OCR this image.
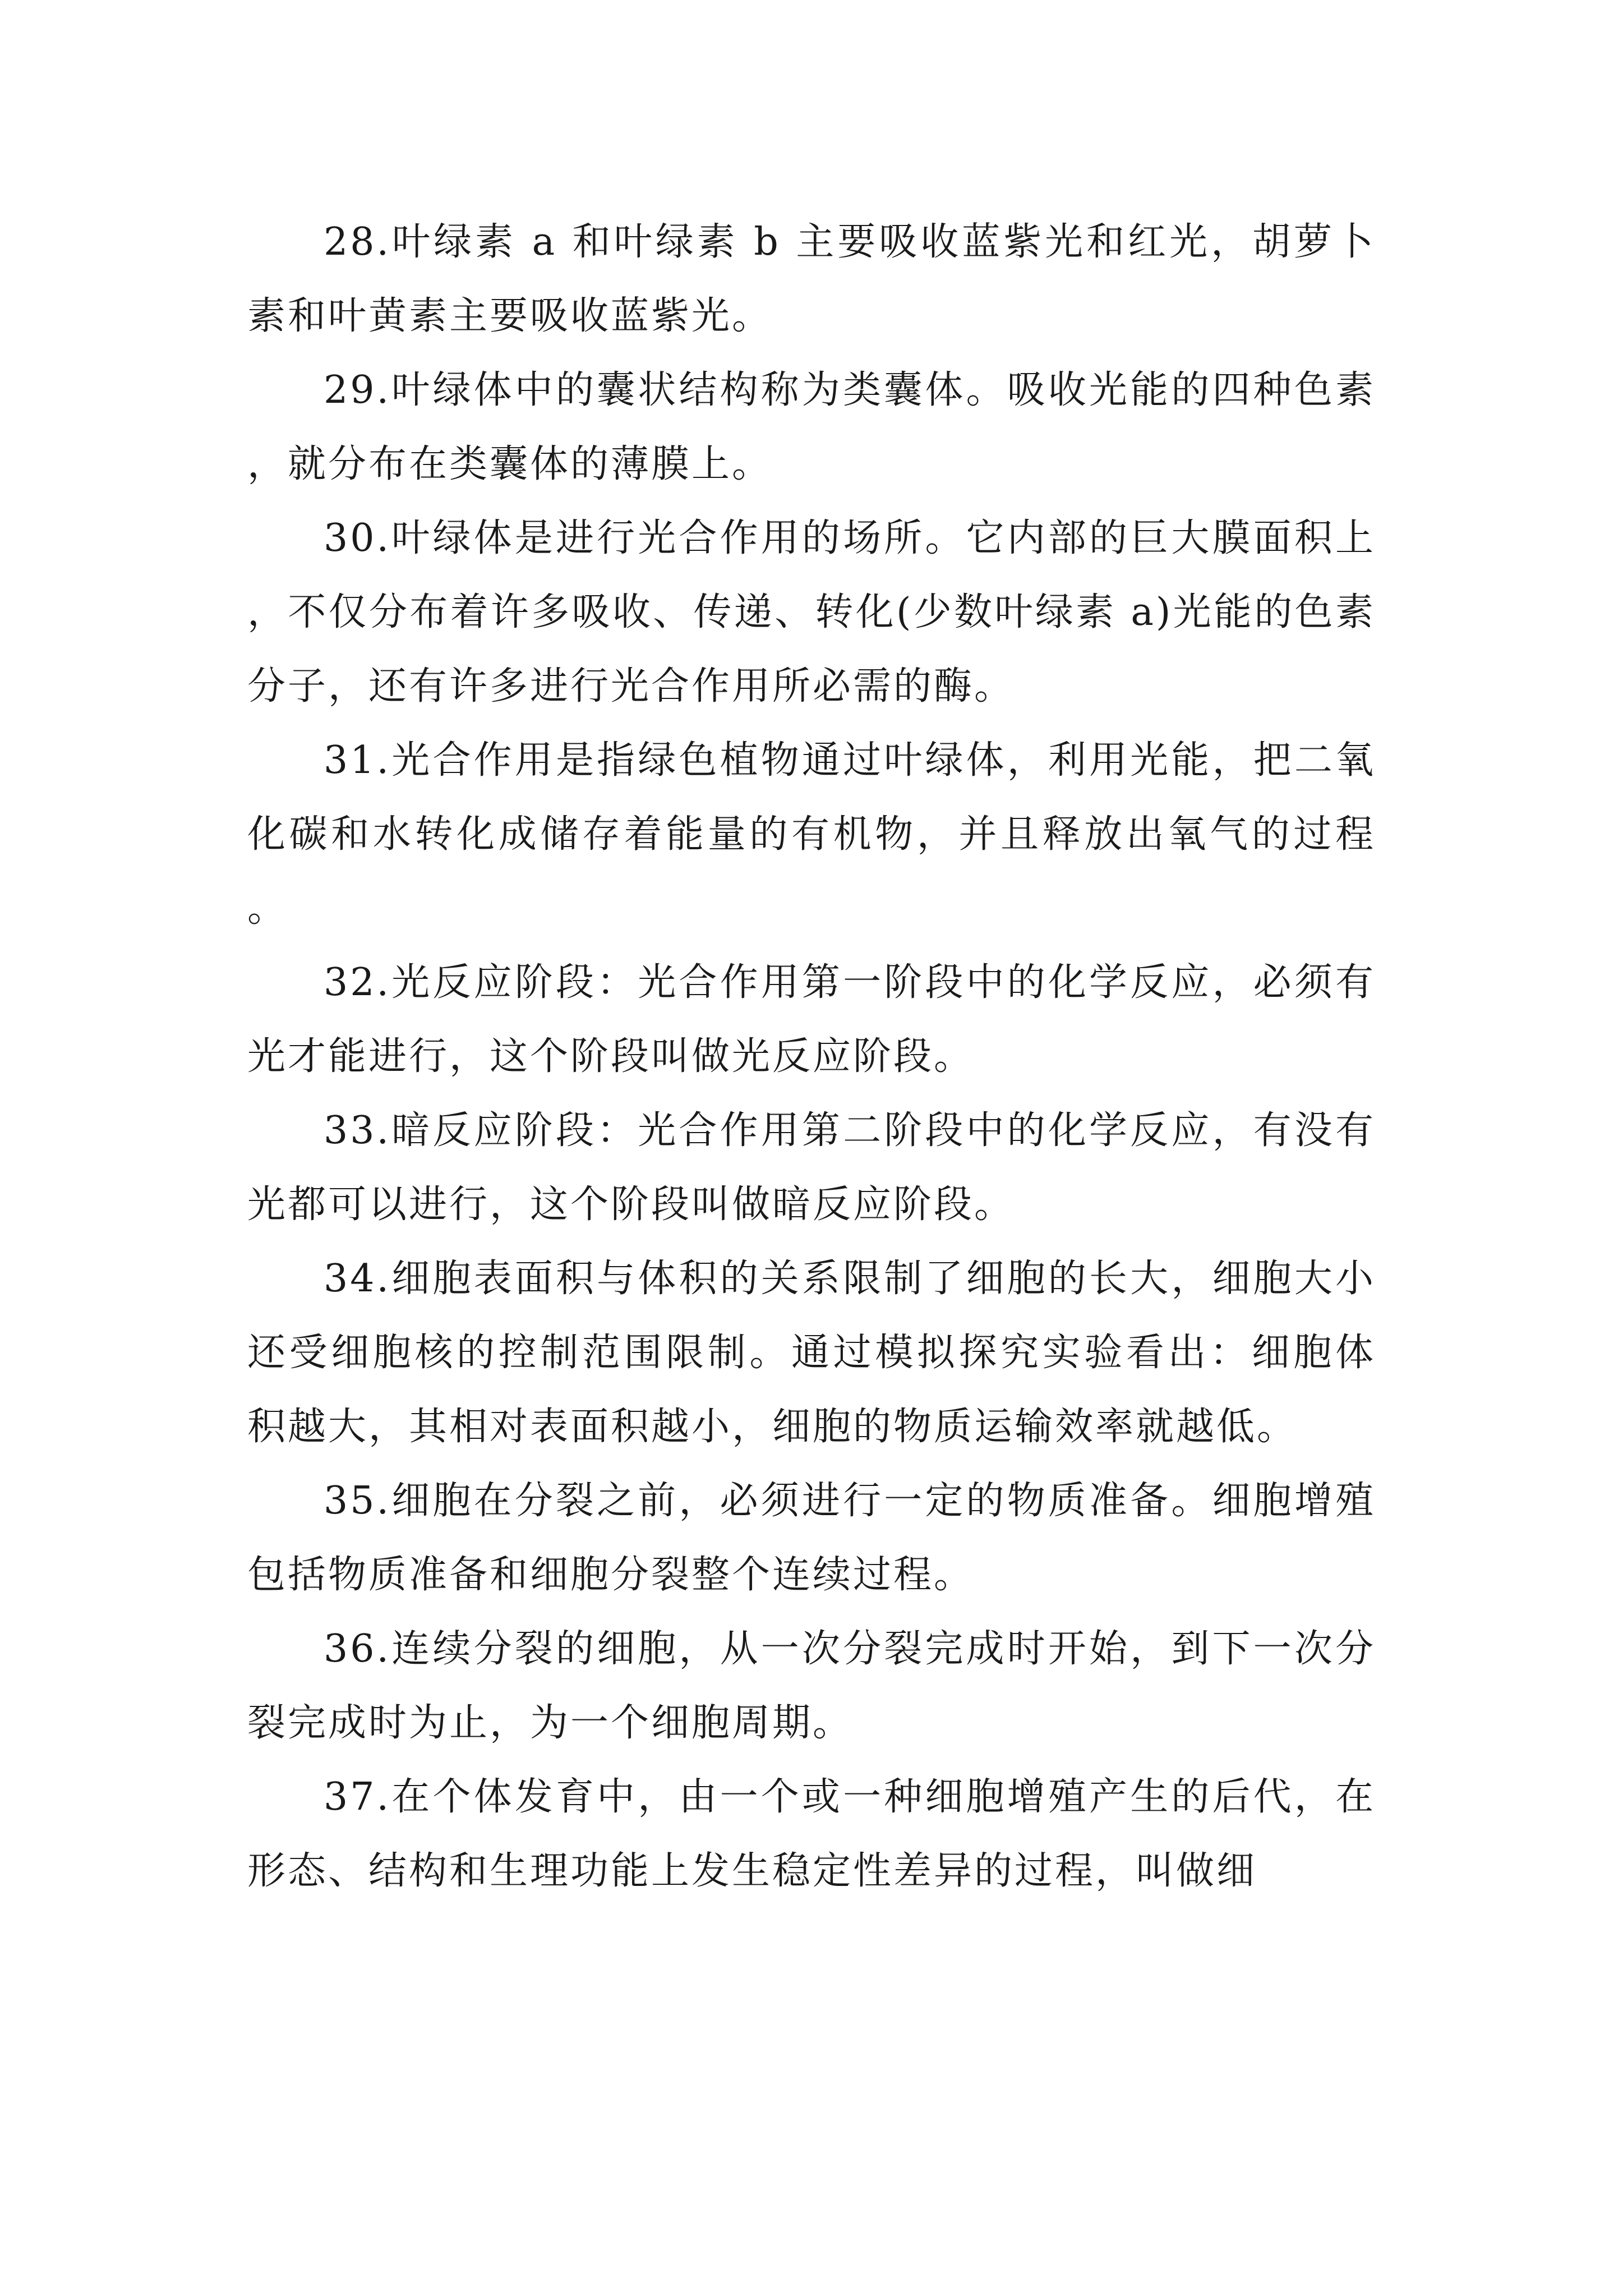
28.叶绿素 a 和叶绿素 b 主要吸收蓝紫光和红光，胡萝卜素和叶黄素主要吸收蓝紫光。

29.叶绿体中的囊状结构称为类囊体。吸收光能的四种色素，就分布在类囊体的薄膜上。

30.叶绿体是进行光合作用的场所。它内部的巨大膜面积上，不仅分布着许多吸收、传递、转化(少数叶绿素 a)光能的色素分子，还有许多进行光合作用所必需的酶。

31.光合作用是指绿色植物通过叶绿体，利用光能，把二氧化碳和水转化成储存着能量的有机物，并且释放出氧气的过程。

32.光反应阶段：光合作用第一阶段中的化学反应，必须有光才能进行，这个阶段叫做光反应阶段。

33.暗反应阶段：光合作用第二阶段中的化学反应，有没有光都可以进行，这个阶段叫做暗反应阶段。

34.细胞表面积与体积的关系限制了细胞的长大，细胞大小还受细胞核的控制范围限制。通过模拟探究实验看出：细胞体积越大，其相对表面积越小，细胞的物质运输效率就越低。

35.细胞在分裂之前，必须进行一定的物质准备。细胞增殖包括物质准备和细胞分裂整个连续过程。

36.连续分裂的细胞，从一次分裂完成时开始，到下一次分裂完成时为止，为一个细胞周期。

37.在个体发育中，由一个或一种细胞增殖产生的后代，在形态、结构和生理功能上发生稳定性差异的过程，叫做细
